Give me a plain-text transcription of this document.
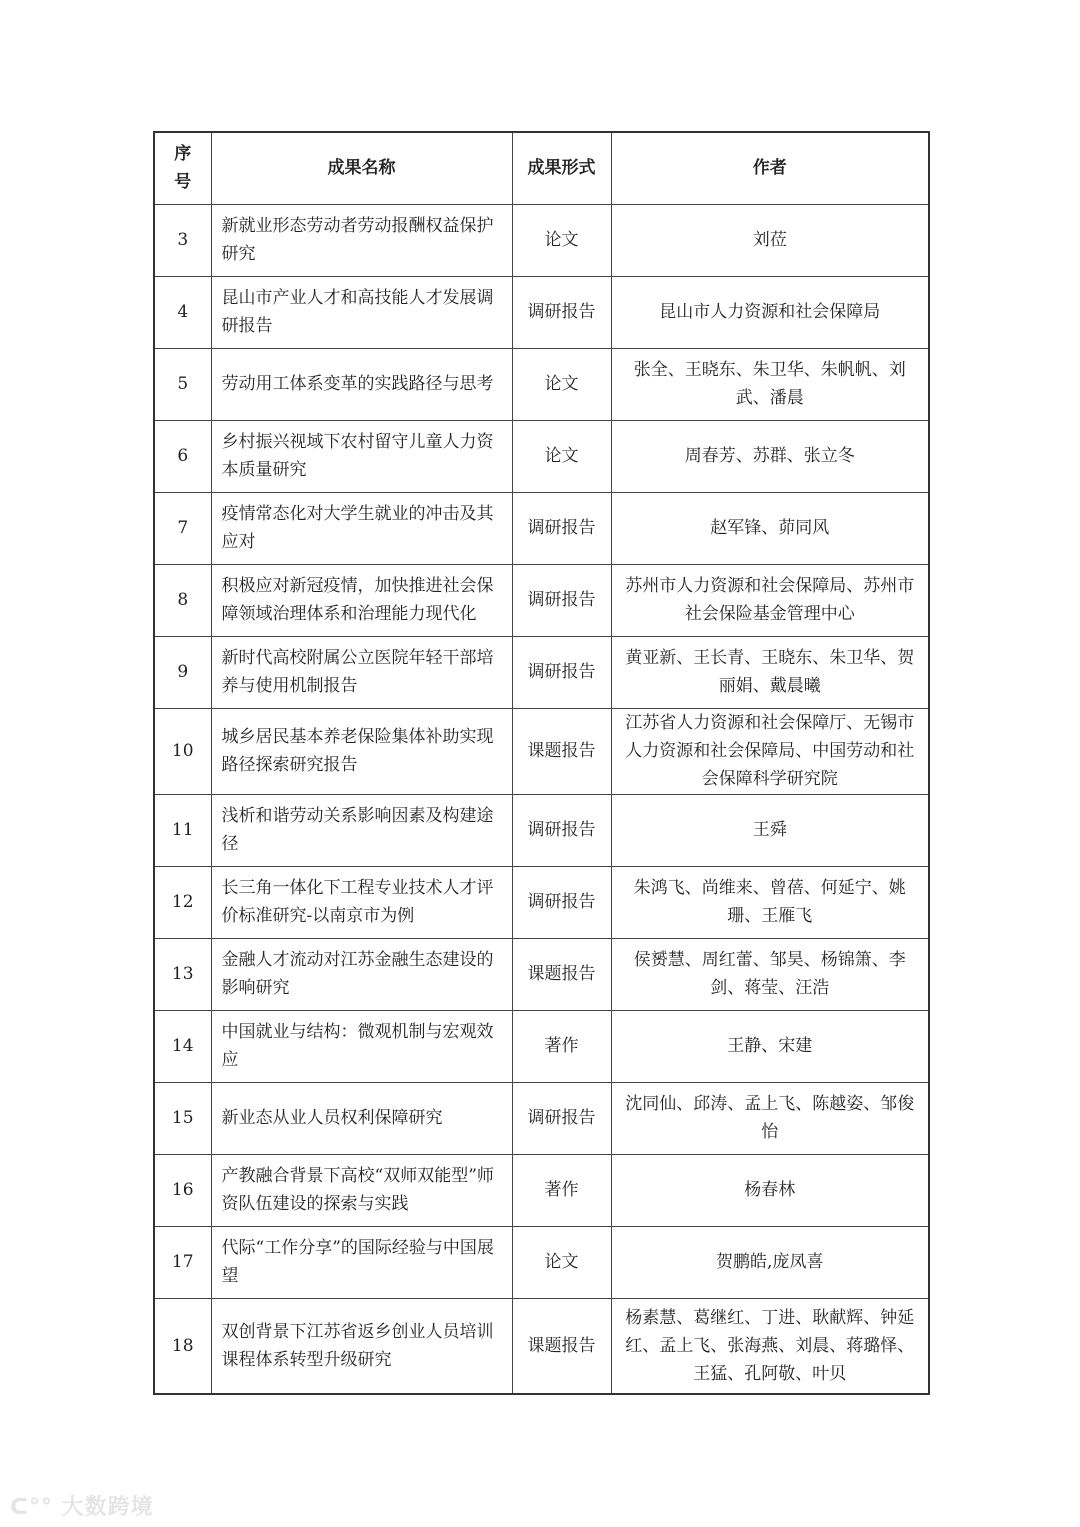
序号	成果名称	成果形式	作者
3	新就业形态劳动者劳动报酬权益保护研究	论文	刘莅
4	昆山市产业人才和高技能人才发展调研报告	调研报告	昆山市人力资源和社会保障局
5	劳动用工体系变革的实践路径与思考	论文	张全、王晓东、朱卫华、朱帆帆、刘武、潘晨
6	乡村振兴视域下农村留守儿童人力资本质量研究	论文	周春芳、苏群、张立冬
7	疫情常态化对大学生就业的冲击及其应对	调研报告	赵军锋、茆同风
8	积极应对新冠疫情，加快推进社会保障领域治理体系和治理能力现代化	调研报告	苏州市人力资源和社会保障局、苏州市社会保险基金管理中心
9	新时代高校附属公立医院年轻干部培养与使用机制报告	调研报告	黄亚新、王长青、王晓东、朱卫华、贺丽娟、戴晨曦
10	城乡居民基本养老保险集体补助实现路径探索研究报告	课题报告	江苏省人力资源和社会保障厅、无锡市人力资源和社会保障局、中国劳动和社会保障科学研究院
11	浅析和谐劳动关系影响因素及构建途径	调研报告	王舜
12	长三角一体化下工程专业技术人才评价标准研究-以南京市为例	调研报告	朱鸿飞、尚维来、曾蓓、何延宁、姚珊、王雁飞
13	金融人才流动对江苏金融生态建设的影响研究	课题报告	侯赟慧、周红蕾、邹昊、杨锦箫、李剑、蒋莹、汪浩
14	中国就业与结构：微观机制与宏观效应	著作	王静、宋建
15	新业态从业人员权利保障研究	调研报告	沈同仙、邱涛、孟上飞、陈越姿、邹俊怡
16	产教融合背景下高校“双师双能型”师资队伍建设的探索与实践	著作	杨春林
17	代际“工作分享”的国际经验与中国展望	论文	贺鹏皓,庞凤喜
18	双创背景下江苏省返乡创业人员培训课程体系转型升级研究	课题报告	杨素慧、葛继红、丁进、耿献辉、钟延红、孟上飞、张海燕、刘晨、蒋璐怿、王猛、孔阿敬、叶贝
ᑕ°° 大数跨境
